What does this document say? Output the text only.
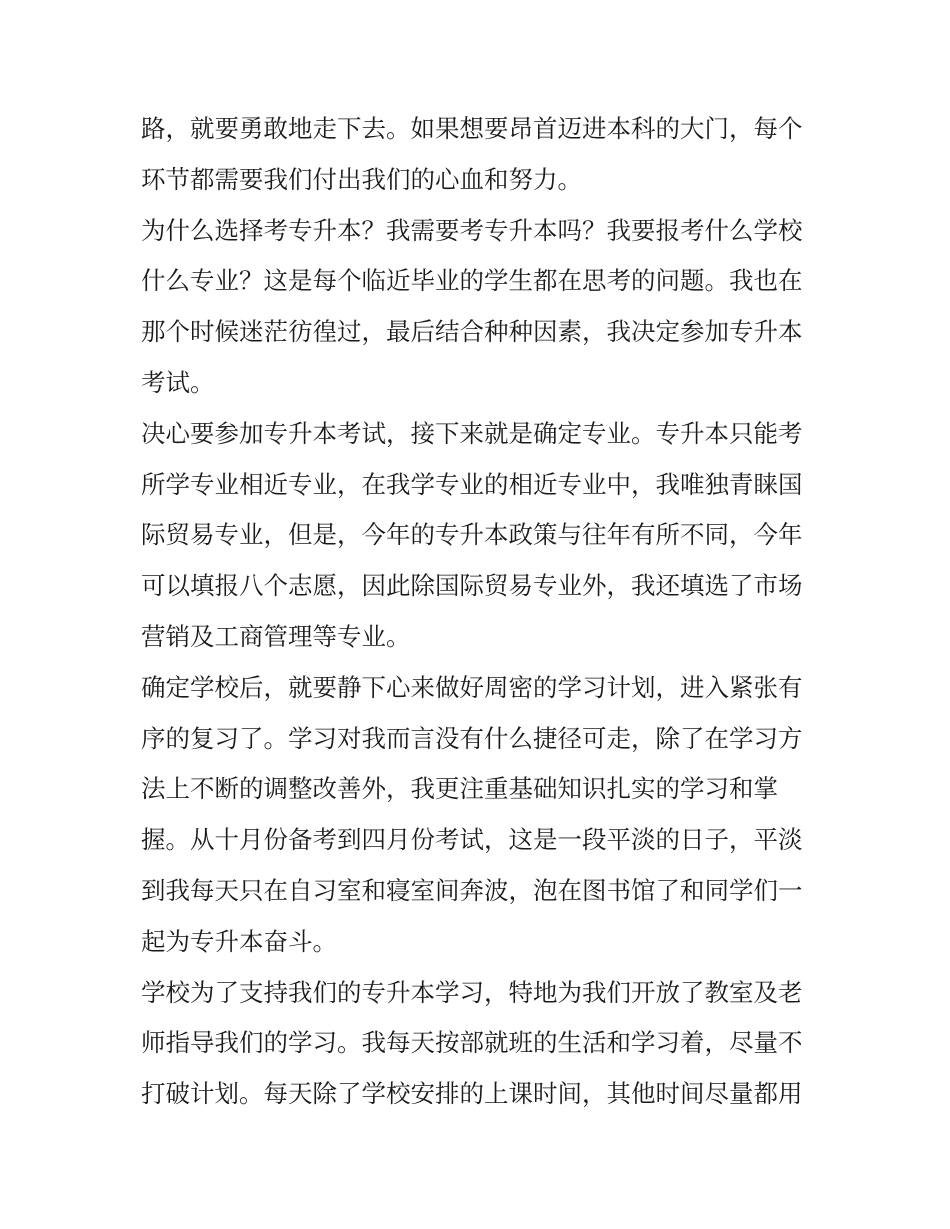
路，就要勇敢地走下去。如果想要昂首迈进本科的大门，每个
环节都需要我们付出我们的心血和努力。
为什么选择考专升本？我需要考专升本吗？我要报考什么学校
什么专业？这是每个临近毕业的学生都在思考的问题。我也在
那个时候迷茫彷徨过，最后结合种种因素，我决定参加专升本
考试。
决心要参加专升本考试，接下来就是确定专业。专升本只能考
所学专业相近专业，在我学专业的相近专业中，我唯独青睐国
际贸易专业，但是，今年的专升本政策与往年有所不同，今年
可以填报八个志愿，因此除国际贸易专业外，我还填选了市场
营销及工商管理等专业。
确定学校后，就要静下心来做好周密的学习计划，进入紧张有
序的复习了。学习对我而言没有什么捷径可走，除了在学习方
法上不断的调整改善外，我更注重基础知识扎实的学习和掌
握。从十月份备考到四月份考试，这是一段平淡的日子，平淡
到我每天只在自习室和寝室间奔波，泡在图书馆了和同学们一
起为专升本奋斗。
学校为了支持我们的专升本学习，特地为我们开放了教室及老
师指导我们的学习。我每天按部就班的生活和学习着，尽量不
打破计划。每天除了学校安排的上课时间，其他时间尽量都用
